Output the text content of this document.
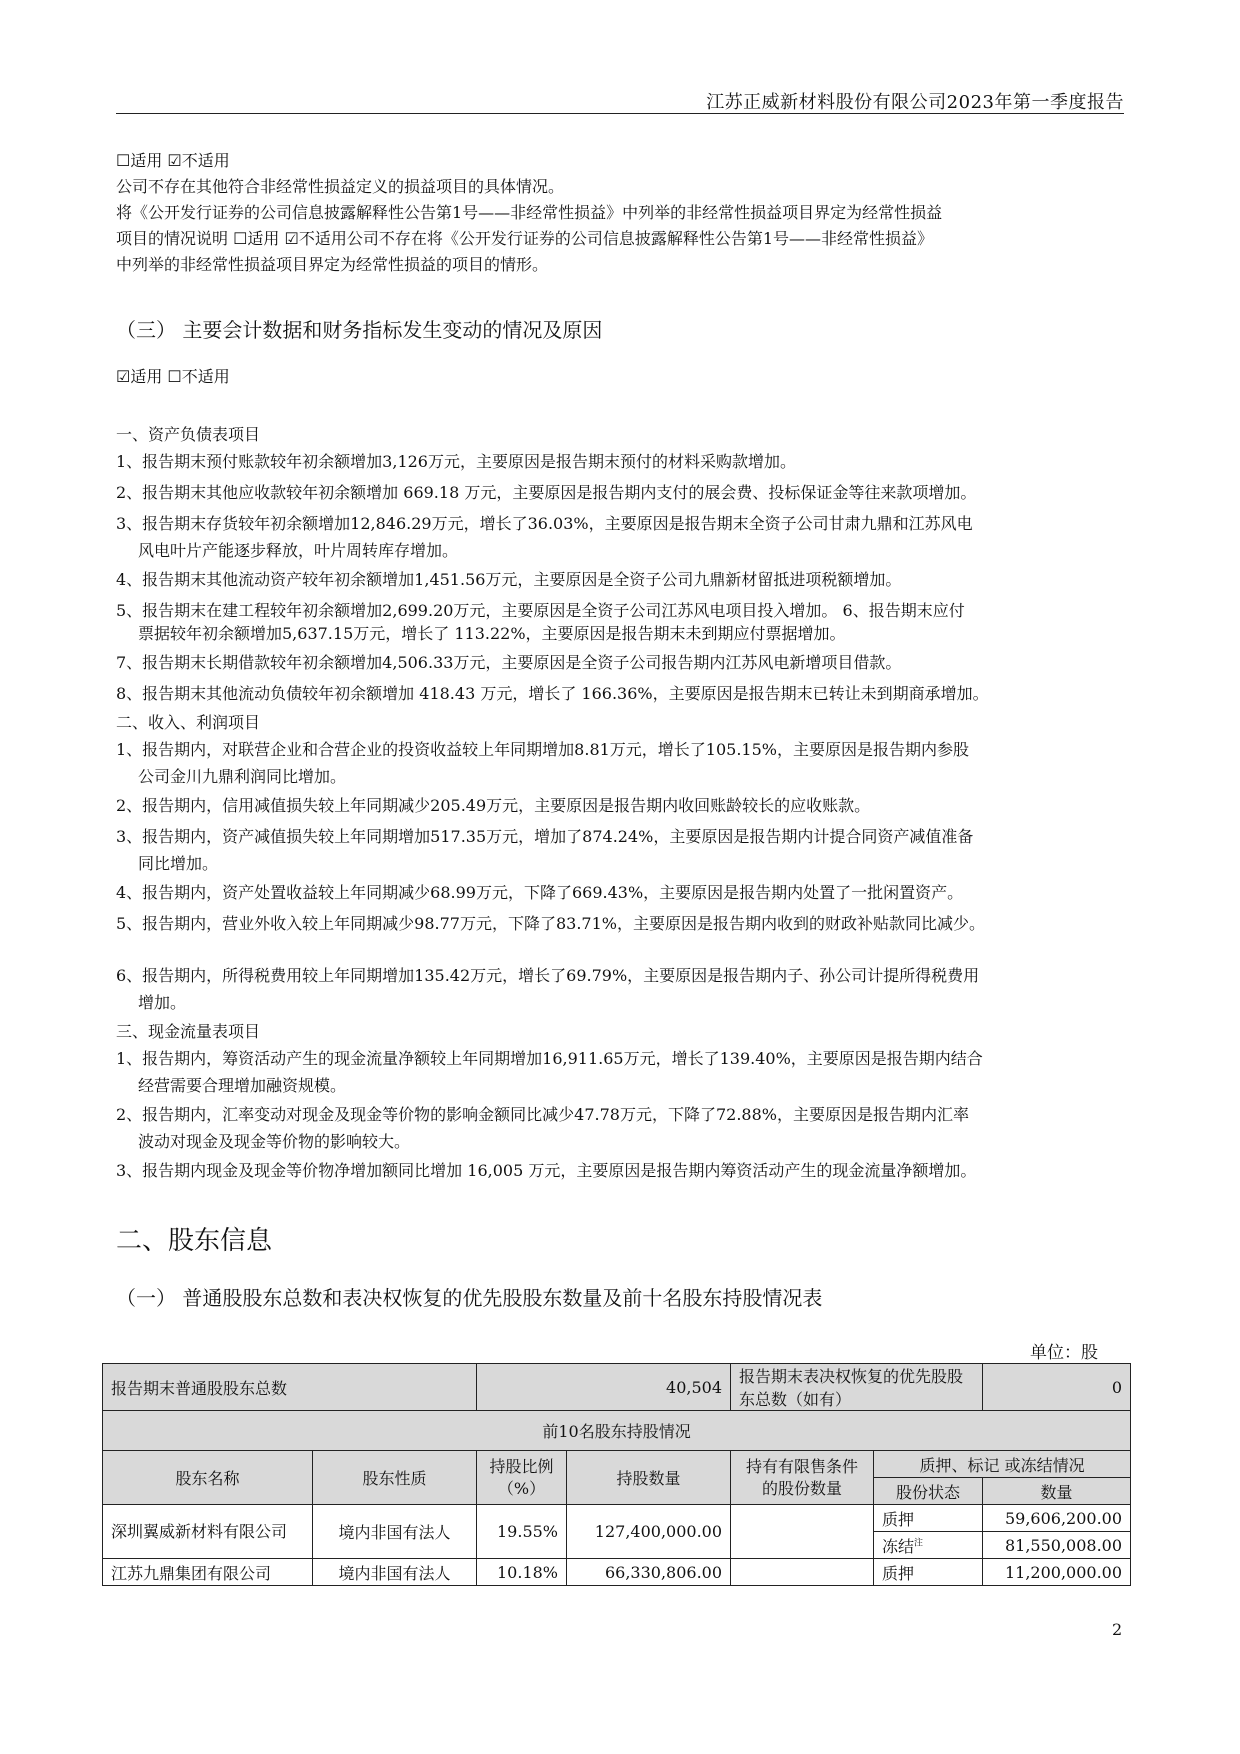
江苏正威新材料股份有限公司2023年第一季度报告
☐适用 ☑不适用
公司不存在其他符合非经常性损益定义的损益项目的具体情况。
将《公开发行证券的公司信息披露解释性公告第1号——非经常性损益》中列举的非经常性损益项目界定为经常性损益
项目的情况说明 ☐适用 ☑不适用公司不存在将《公开发行证券的公司信息披露解释性公告第1号——非经常性损益》
中列举的非经常性损益项目界定为经常性损益的项目的情形。
（三） 主要会计数据和财务指标发生变动的情况及原因
☑适用 ☐不适用
一、资产负债表项目
1、报告期末预付账款较年初余额增加3,126万元，主要原因是报告期末预付的材料采购款增加。
2、报告期末其他应收款较年初余额增加 669.18 万元，主要原因是报告期内支付的展会费、投标保证金等往来款项增加。
3、报告期末存货较年初余额增加12,846.29万元，增长了36.03%，主要原因是报告期末全资子公司甘肃九鼎和江苏风电
风电叶片产能逐步释放，叶片周转库存增加。
4、报告期末其他流动资产较年初余额增加1,451.56万元，主要原因是全资子公司九鼎新材留抵进项税额增加。
5、报告期末在建工程较年初余额增加2,699.20万元，主要原因是全资子公司江苏风电项目投入增加。 6、报告期末应付
票据较年初余额增加5,637.15万元，增长了 113.22%，主要原因是报告期末未到期应付票据增加。
7、报告期末长期借款较年初余额增加4,506.33万元，主要原因是全资子公司报告期内江苏风电新增项目借款。
8、报告期末其他流动负债较年初余额增加 418.43 万元，增长了 166.36%，主要原因是报告期末已转让未到期商承增加。
二、收入、利润项目
1、报告期内，对联营企业和合营企业的投资收益较上年同期增加8.81万元，增长了105.15%，主要原因是报告期内参股
公司金川九鼎利润同比增加。
2、报告期内，信用减值损失较上年同期减少205.49万元，主要原因是报告期内收回账龄较长的应收账款。
3、报告期内，资产减值损失较上年同期增加517.35万元，增加了874.24%，主要原因是报告期内计提合同资产减值准备
同比增加。
4、报告期内，资产处置收益较上年同期减少68.99万元，下降了669.43%，主要原因是报告期内处置了一批闲置资产。
5、报告期内，营业外收入较上年同期减少98.77万元，下降了83.71%，主要原因是报告期内收到的财政补贴款同比减少。
6、报告期内，所得税费用较上年同期增加135.42万元，增长了69.79%，主要原因是报告期内子、孙公司计提所得税费用
增加。
三、现金流量表项目
1、报告期内，筹资活动产生的现金流量净额较上年同期增加16,911.65万元，增长了139.40%，主要原因是报告期内结合
经营需要合理增加融资规模。
2、报告期内，汇率变动对现金及现金等价物的影响金额同比减少47.78万元，下降了72.88%，主要原因是报告期内汇率
波动对现金及现金等价物的影响较大。
3、报告期内现金及现金等价物净增加额同比增加 16,005 万元，主要原因是报告期内筹资活动产生的现金流量净额增加。
二、股东信息
（一） 普通股股东总数和表决权恢复的优先股股东数量及前十名股东持股情况表
单位：股
报告期末普通股股东总数		40,504		报告期末表决权恢复的优先股股东总数（如有）		0
前10名股东持股情况						
股东名称	股东性质	持股比例（%）	持股数量	持有有限售条件的股份数量	质押、标记 或冻结情况	
					股份状态	数量
深圳翼威新材料有限公司	境内非国有法人	19.55%	127,400,000.00		质押	59,606,200.00
					冻结$^注$	81,550,008.00
江苏九鼎集团有限公司	境内非国有法人	10.18%	66,330,806.00		质押	11,200,000.00
2
